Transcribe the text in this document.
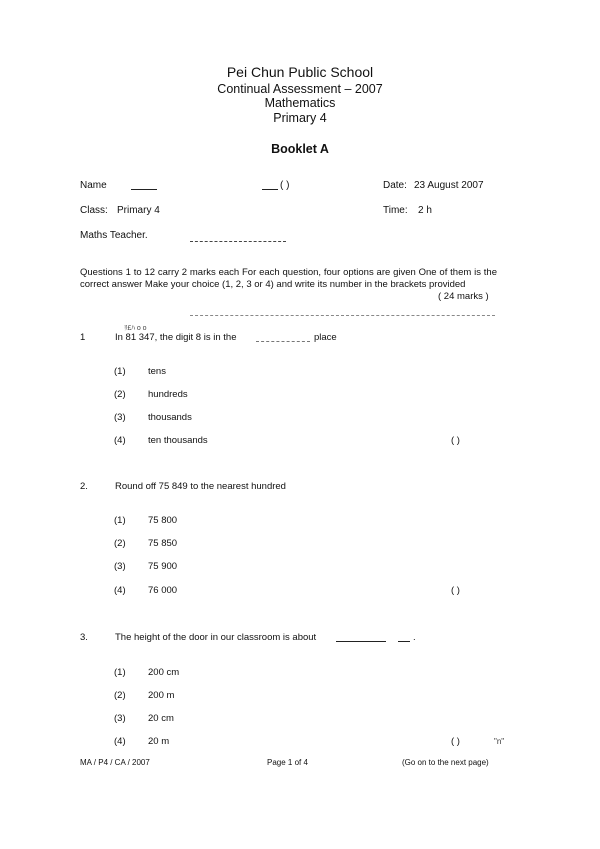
Pei Chun Public School
Continual Assessment – 2007
Mathematics
Primary 4
Booklet A
Name	( )	Date: 23 August 2007
Class: Primary 4	Time: 2 h
Maths Teacher.
Questions 1 to 12 carry 2 marks each For each question, four options are given One of them is the correct answer Make your choice (1, 2, 3 or 4) and write its number in the brackets provided
( 24 marks )
ﾘ£ﾊ o o
1	In 81 347, the digit 8 is in the	place
(1) tens
(2) hundreds
(3) thousands
(4) ten thousands	( )
2.	Round off 75 849 to the nearest hundred
(1) 75 800
(2) 75 850
(3) 75 900
(4) 76 000	( )
3.	The height of the door in our classroom is about	.
(1) 200 cm
(2) 200 m
(3) 20 cm
(4) 20 m	( )	"n"
MA / P4 / CA / 2007	Page 1 of 4	(Go on to the next page)
